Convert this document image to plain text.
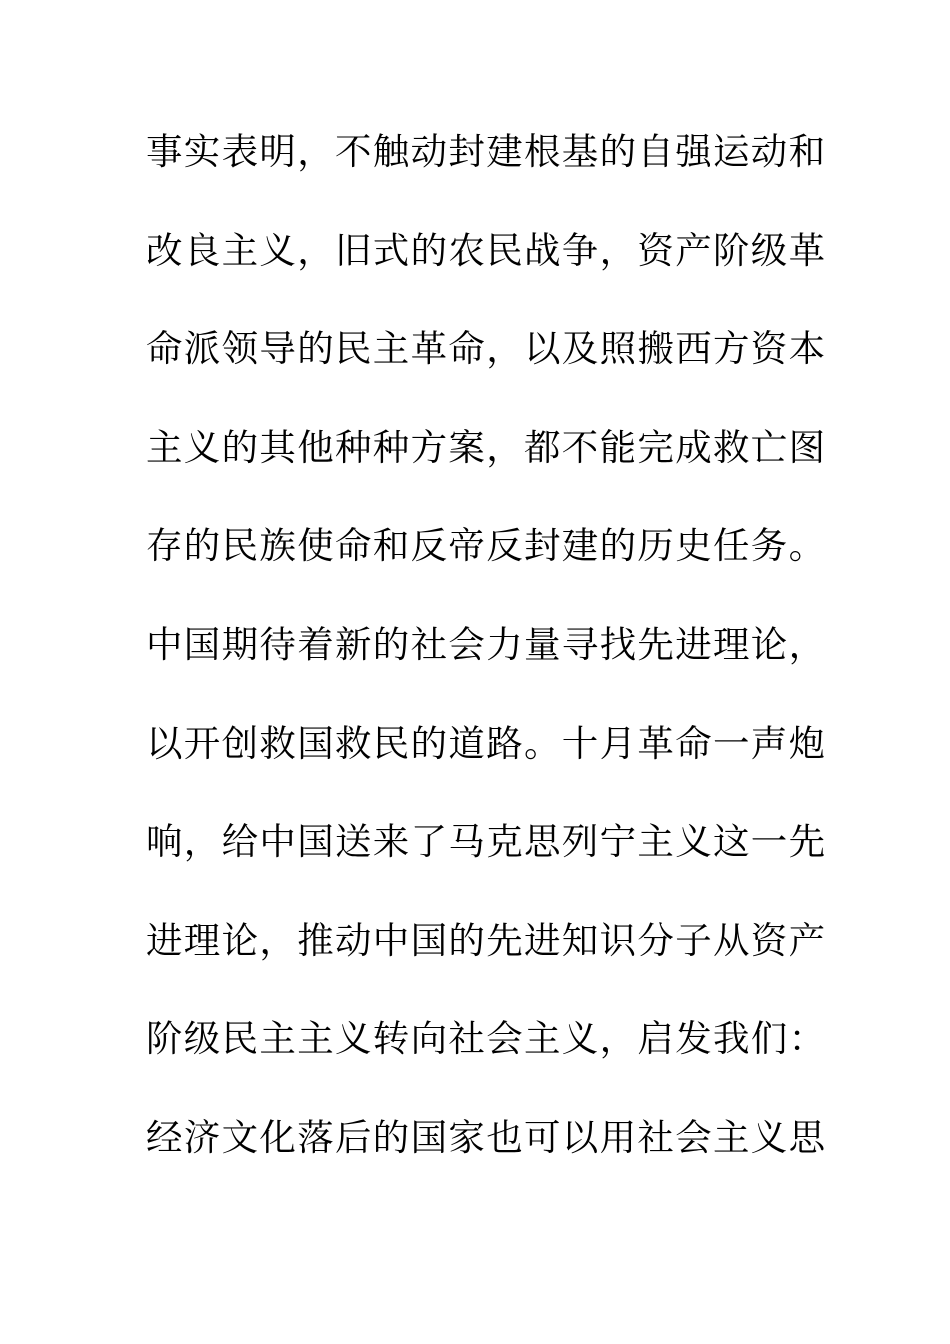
事实表明，不触动封建根基的自强运动和
改良主义，旧式的农民战争，资产阶级革
命派领导的民主革命，以及照搬西方资本
主义的其他种种方案，都不能完成救亡图
存的民族使命和反帝反封建的历史任务。
中国期待着新的社会力量寻找先进理论，
以开创救国救民的道路。十月革命一声炮
响，给中国送来了马克思列宁主义这一先
进理论，推动中国的先进知识分子从资产
阶级民主主义转向社会主义，启发我们：
经济文化落后的国家也可以用社会主义思
